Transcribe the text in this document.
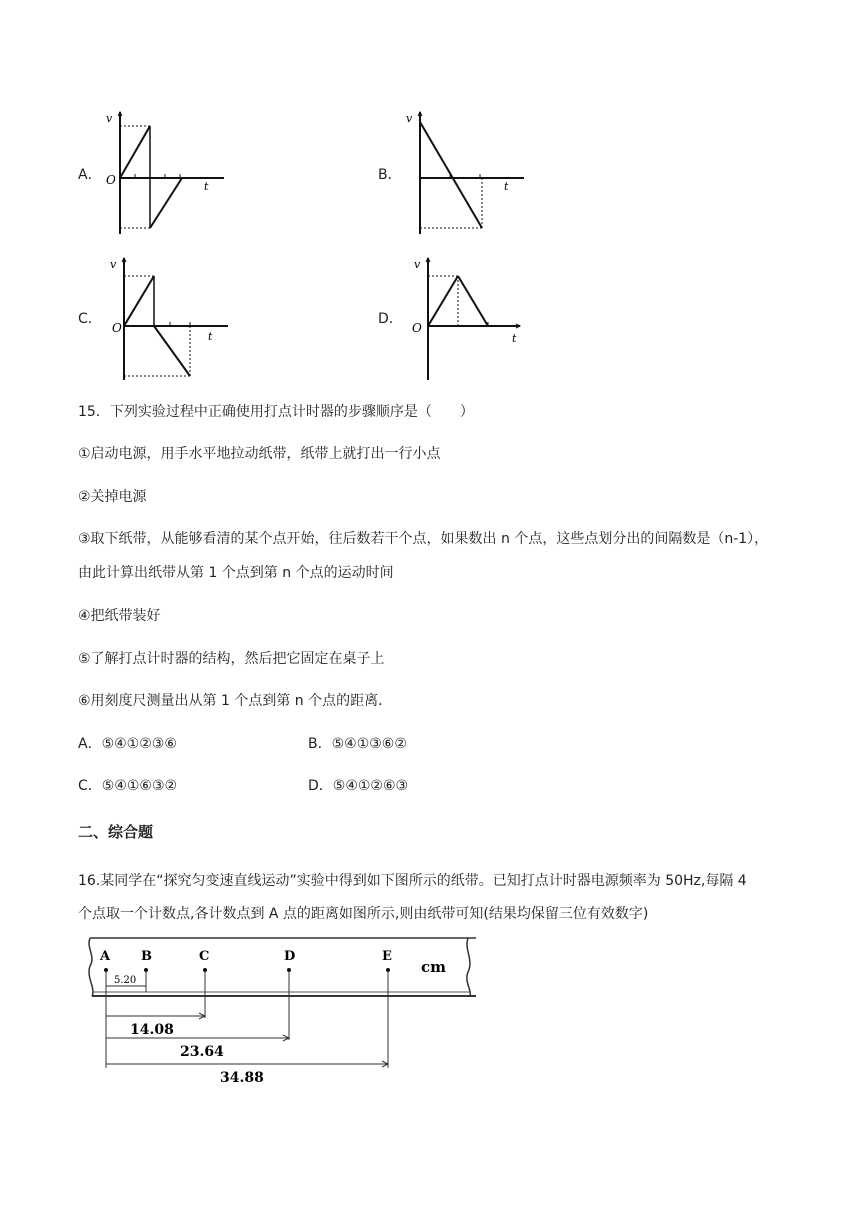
A．
v
t
O	B．
v
t
C．
v
t
O
D．
v
t
O
15．下列实验过程中正确使用打点计时器的步骤顺序是（　　）
①启动电源，用手水平地拉动纸带，纸带上就打出一行小点
②关掉电源
③取下纸带，从能够看清的某个点开始，往后数若干个点，如果数出 n 个点，这些点划分出的间隔数是（n-1），
由此计算出纸带从第 1 个点到第 n 个点的运动时间
④把纸带装好
⑤了解打点计时器的结构，然后把它固定在桌子上
⑥用刻度尺测量出从第 1 个点到第 n 个点的距离．
A．⑤④①②③⑥	B．⑤④①③⑥②
C．⑤④①⑥③②	D．⑤④①②⑥③
二、综合题
16.某同学在“探究匀变速直线运动”实验中得到如下图所示的纸带。已知打点计时器电源频率为 50Hz,每隔 4
个点取一个计数点,各计数点到 A 点的距离如图所示,则由纸带可知(结果均保留三位有效数字)
A B	C	D	E
cm
5.20
14.08
23.64
34.88
